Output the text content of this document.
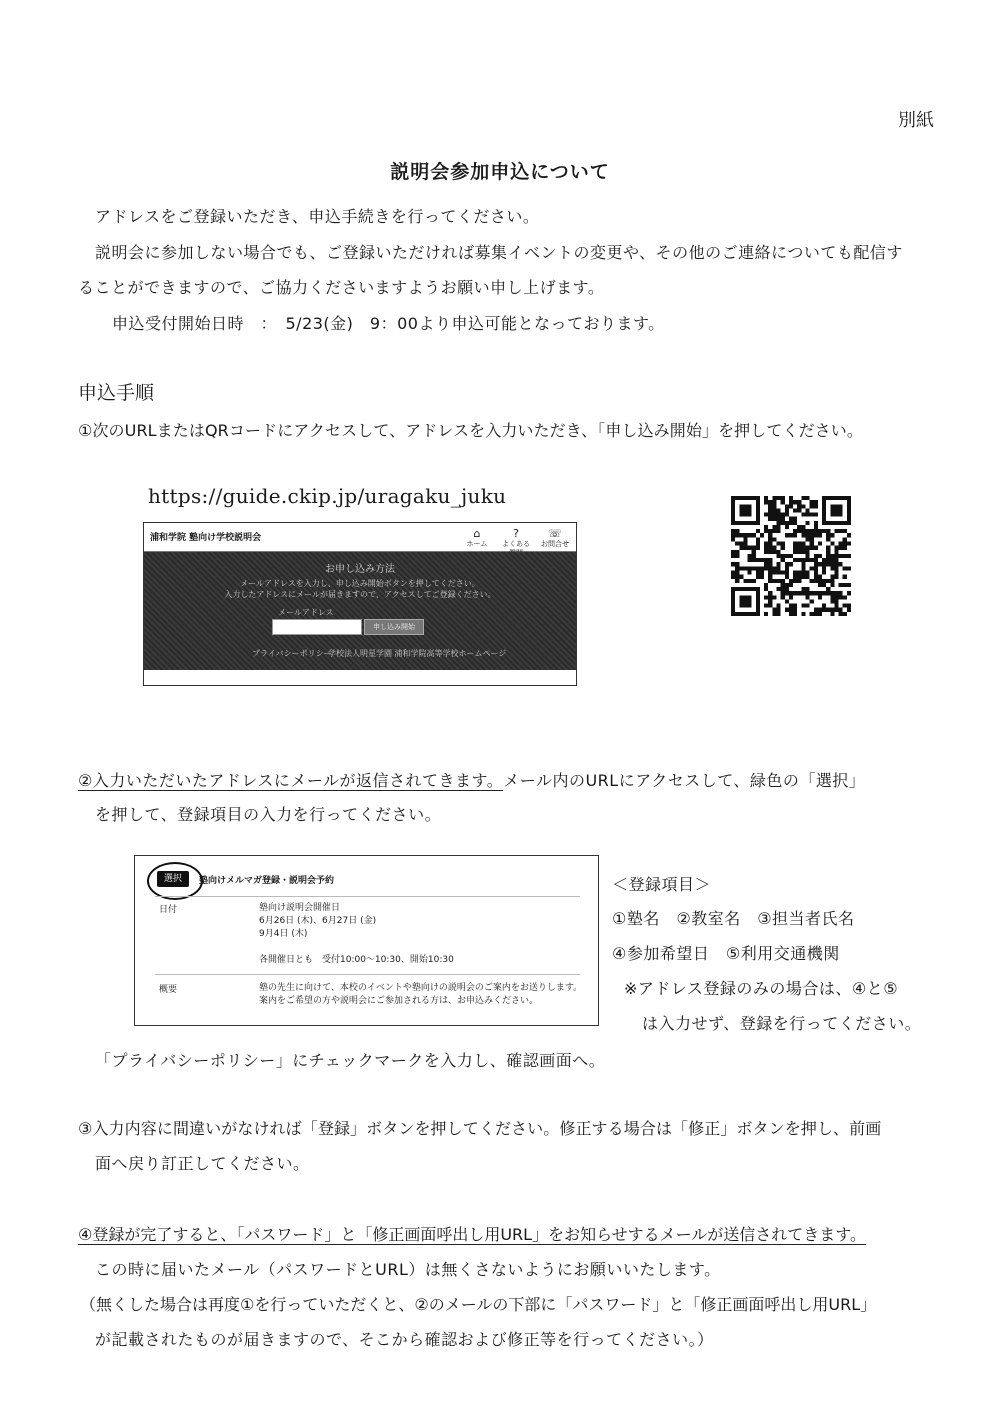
別紙
説明会参加申込について
アドレスをご登録いただき、申込手続きを行ってください。
説明会に参加しない場合でも、ご登録いただければ募集イベントの変更や、その他のご連絡についても配信す
ることができますので、ご協力くださいますようお願い申し上げます。
申込受付開始日時　：　5/23(金)　9：00より申込可能となっております。
申込手順
①次のURLまたはQRコードにアクセスして、アドレスを入力いただき、「申し込み開始」を押してください。
https://guide.ckip.jp/uragaku_juku
浦和学院 塾向け学校説明会	⌂
ホーム
?
よくある
☏
お問合せ
お申し込み方法
メールアドレスを入力し、申し込み開始ボタンを押してください。
入力したアドレスにメールが届きますので、アクセスしてご登録ください。
メールアドレス
申し込み開始
プライバシーポリシー
学校法人明星学園 浦和学院高等学校ホームページ
②入力いただいたアドレスにメールが返信されてきます。メール内のURLにアクセスして、緑色の「選択」
を押して、登録項目の入力を行ってください。
選択	塾向けメルマガ登録・説明会予約
日付	塾向け説明会開催日
6月26日 (木)、6月27日 (金)
9月4日 (木)
各開催日とも　受付10:00〜10:30、開始10:30
概要	塾の先生に向けて、本校のイベントや塾向けの説明会のご案内をお送りします。
案内をご希望の方や説明会にご参加される方は、お申込みください。
＜登録項目＞
①塾名　②教室名　③担当者氏名
④参加希望日　⑤利用交通機関
※アドレス登録のみの場合は、④と⑤
は入力せず、登録を行ってください。
「プライバシーポリシー」にチェックマークを入力し、確認画面へ。
③入力内容に間違いがなければ「登録」ボタンを押してください。修正する場合は「修正」ボタンを押し、前画
面へ戻り訂正してください。
④登録が完了すると、「パスワード」と「修正画面呼出し用URL」をお知らせするメールが送信されてきます。
この時に届いたメール（パスワードとURL）は無くさないようにお願いいたします。
（無くした場合は再度①を行っていただくと、②のメールの下部に「パスワード」と「修正画面呼出し用URL」
が記載されたものが届きますので、そこから確認および修正等を行ってください。）
